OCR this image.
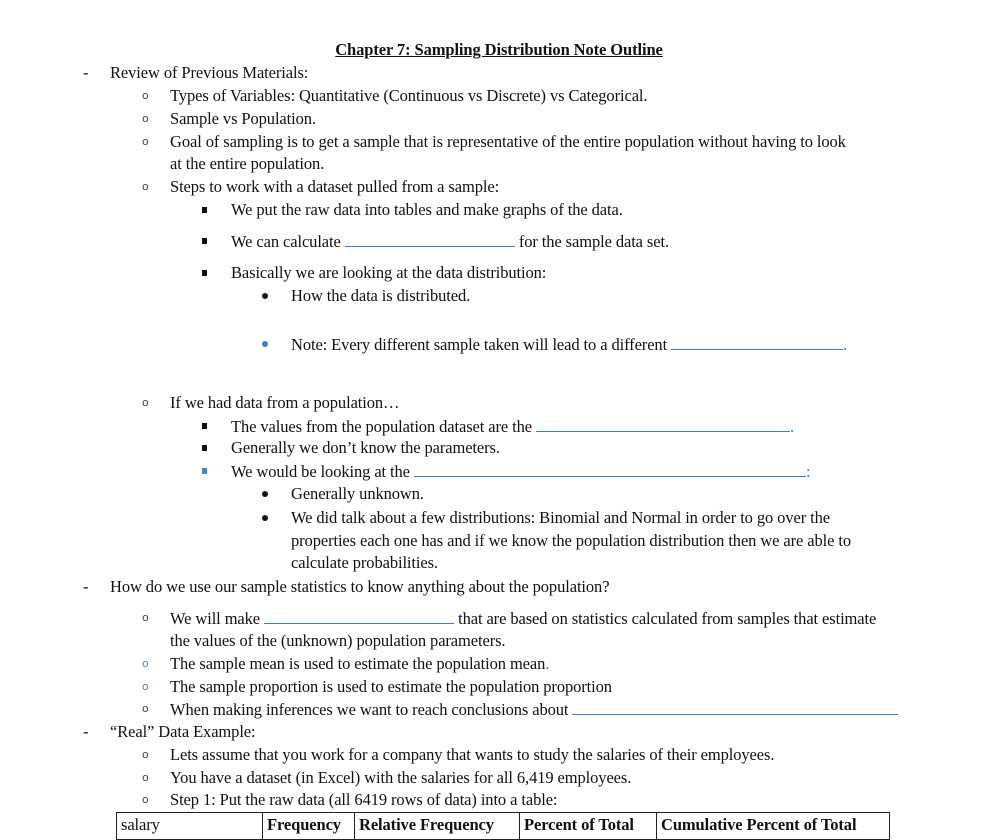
Chapter 7: Sampling Distribution Note Outline
- Review of Previous Materials:
o Types of Variables: Quantitative (Continuous vs Discrete) vs Categorical.
o Sample vs Population.
o Goal of sampling is to get a sample that is representative of the entire population without having to look
at the entire population.
o Steps to work with a dataset pulled from a sample:
We put the raw data into tables and make graphs of the data.
We can calculate	for the sample data set.
Basically we are looking at the data distribution:
How the data is distributed.
Note: Every different sample taken will lead to a different	.
o If we had data from a population…
The values from the population dataset are the	.
Generally we don’t know the parameters.
We would be looking at the	:
Generally unknown.
We did talk about a few distributions: Binomial and Normal in order to go over the
properties each one has and if we know the population distribution then we are able to
calculate probabilities.
- How do we use our sample statistics to know anything about the population?
o We will make	that are based on statistics calculated from samples that estimate
the values of the (unknown) population parameters.
o The sample mean is used to estimate the population mean.
o The sample proportion is used to estimate the population proportion
o When making inferences we want to reach conclusions about
- “Real” Data Example:
o Lets assume that you work for a company that wants to study the salaries of their employees.
o You have a dataset (in Excel) with the salaries for all 6,419 employees.
o Step 1: Put the raw data (all 6419 rows of data) into a table:
salary	Frequency	Relative Frequency	Percent of Total	Cumulative Percent of Total
